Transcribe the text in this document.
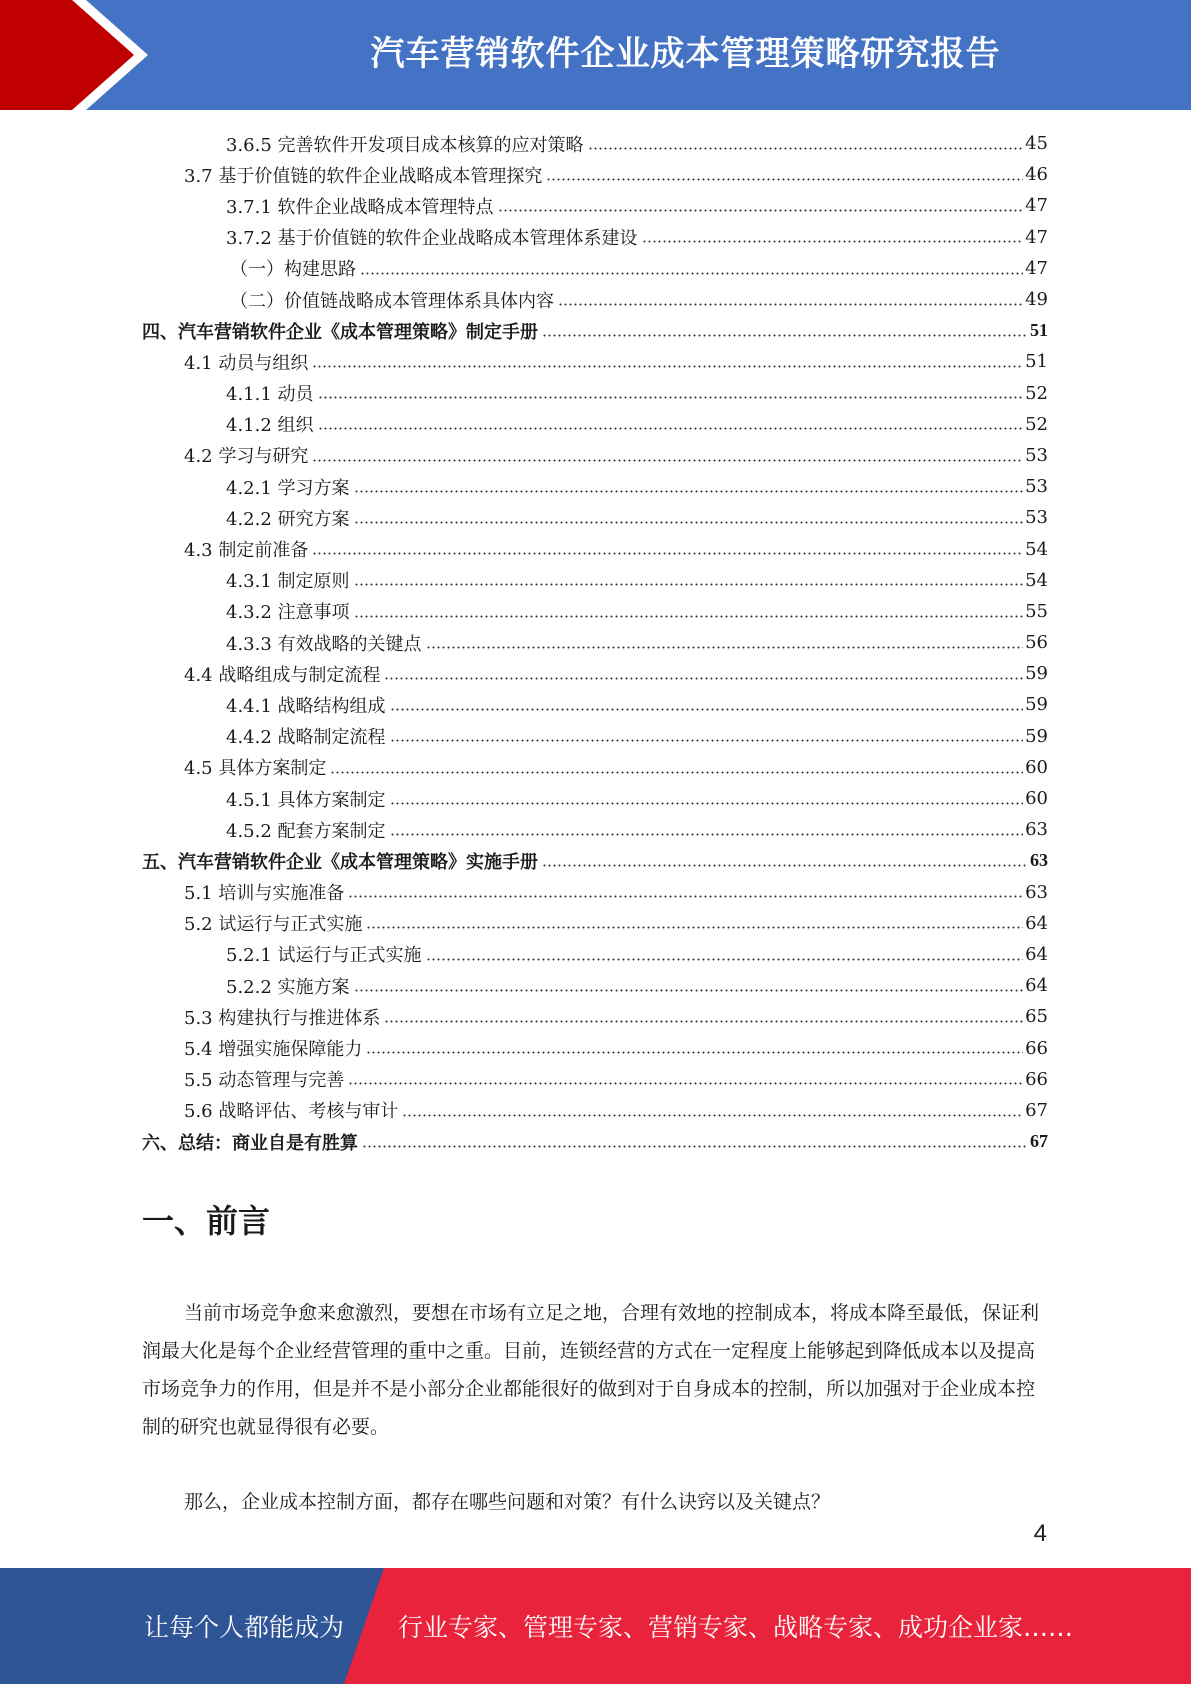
汽车营销软件企业成本管理策略研究报告
3.6.5 完善软件开发项目成本核算的应对策略	45
3.7 基于价值链的软件企业战略成本管理探究	46
3.7.1 软件企业战略成本管理特点	47
3.7.2 基于价值链的软件企业战略成本管理体系建设	47
（一）构建思路	47
（二）价值链战略成本管理体系具体内容	49
四、汽车营销软件企业《成本管理策略》制定手册	51
4.1 动员与组织	51
4.1.1 动员	52
4.1.2 组织	52
4.2 学习与研究	53
4.2.1 学习方案	53
4.2.2 研究方案	53
4.3 制定前准备	54
4.3.1 制定原则	54
4.3.2 注意事项	55
4.3.3 有效战略的关键点	56
4.4 战略组成与制定流程	59
4.4.1 战略结构组成	59
4.4.2 战略制定流程	59
4.5 具体方案制定	60
4.5.1 具体方案制定	60
4.5.2 配套方案制定	63
五、汽车营销软件企业《成本管理策略》实施手册	63
5.1 培训与实施准备	63
5.2 试运行与正式实施	64
5.2.1 试运行与正式实施	64
5.2.2 实施方案	64
5.3 构建执行与推进体系	65
5.4 增强实施保障能力	66
5.5 动态管理与完善	66
5.6 战略评估、考核与审计	67
六、总结：商业自是有胜算	67
一、前言

当前市场竞争愈来愈激烈，要想在市场有立足之地，合理有效地的控制成本，将成本降至最低，保证利润最大化是每个企业经营管理的重中之重。目前，连锁经营的方式在一定程度上能够起到降低成本以及提高市场竞争力的作用，但是并不是小部分企业都能很好的做到对于自身成本的控制，所以加强对于企业成本控制的研究也就显得很有必要。

那么，企业成本控制方面，都存在哪些问题和对策？有什么诀窍以及关键点？

4
让每个人都能成为 行业专家、管理专家、营销专家、战略专家、成功企业家……
